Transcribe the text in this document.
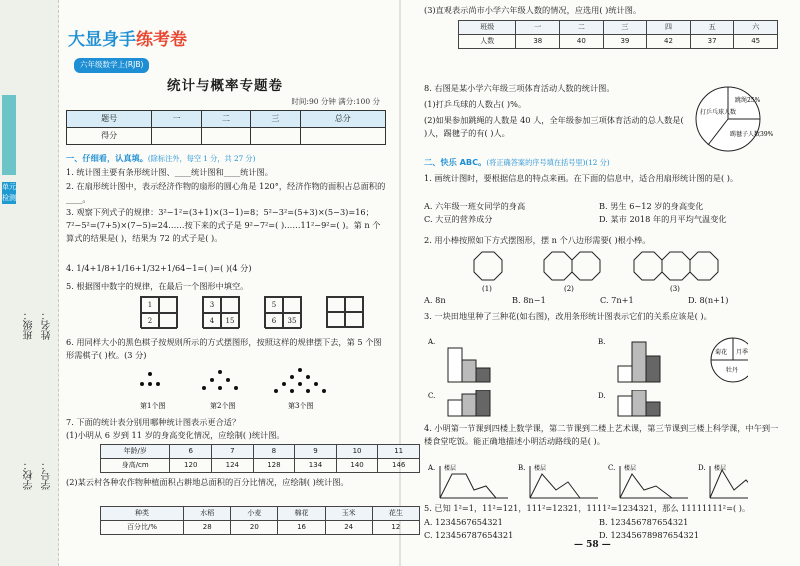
单元检测
班级： 姓名：
学校： 学号：
大显身手练考卷
六年级数学上(RJB)
统计与概率专题卷
时间:90 分钟 满分:100 分
题号	一	二	三	总分
得分				
一、仔细看，认真填。(除标注外，每空 1 分，共 27 分)
1. 统计图主要有条形统计图、____统计图和____统计图。
2. 在扇形统计图中，表示经济作物的扇形的圆心角是 120°，经济作物的面积占总面积的____。
3. 观察下列式子的规律：3²−1²=(3+1)×(3−1)=8；5²−3²=(5+3)×(5−3)=16；7²−5²=(7+5)×(7−5)=24……按下来的式子是 9²−7²=( )……11²−9²=( )。第 n 个算式的结果是( )，结果为 72 的式子是( )。
4. 1/4+1/8+1/16+1/32+1/64−1=( )=( )(4 分)
5. 根据图中数字的规律，在最后一个图形中填空。
1
2
3
4	15
5
6	35
6. 用同样大小的黑色棋子按规则所示的方式摆图形，按照这样的规律摆下去，第 5 个图形需棋子( )枚。(3 分)
第1个图	第2个图	第3个图
7. 下面的统计表分别用哪种统计图表示更合适？
(1)小明从 6 岁到 11 岁的身高变化情况，应绘制( )统计图。
年龄/岁	6	7	8	9	10	11
身高/cm	120	124	128	134	140	146
(2)某云村各种农作物种植面积占耕地总面积的百分比情况，应绘制( )统计图。
种类	水稻	小麦	棉花	玉米	花生
百分比/%	28	20	16	24	12
(3)直观表示尚市小学六年级人数的情况，应选用( )统计图。
班级	一	二	三	四	五	六
人数	38	40	39	42	37	45
8. 右图是某小学六年级三项体育活动人数的统计图。
(1)打乒乓球的人数占( )%。
(2)如果参加跳绳的人数是 40 人，全年级参加三项体育活动的总人数是( )人，踢毽子的有( )人。
跳绳25%
打乒乓球人数
踢毽子人数39%
二、快乐 ABC。(将正确答案的序号填在括号里)(12 分)
1. 画统计图时，要根据信息的特点来画。在下面的信息中，适合用扇形统计图的是( )。
A. 六年级一班女同学的身高	B. 男生 6~12 岁的身高变化 C. 大豆的营养成分	D. 某市 2018 年的月平均气温变化
2. 用小棒按照如下方式摆图形，摆 n 个八边形需要( )根小棒。
(1)	(2)	(3)
A. 8n	B. 8n−1	C. 7n+1	D. 8(n+1)
3. 一块田地里种了三种花(如右图)，改用条形统计图表示它们的关系应该是( )。
A.	B.
菊花 月季
牡丹
C.	D.
4. 小明第一节课到四楼上数学课，第二节课到二楼上艺术课，第三节课到三楼上科学课，中午到一楼食堂吃饭。能正确地描述小明活动路线的是( )。
A. 楼层	B. 楼层	C. 楼层	D. 楼层
5. 已知 1²=1，11²=121，111²=12321，1111²=1234321，那么 11111111²=( )。
A. 1234567654321	B. 123456787654321 C. 123456787654321	D. 12345678987654321
— 58 —
